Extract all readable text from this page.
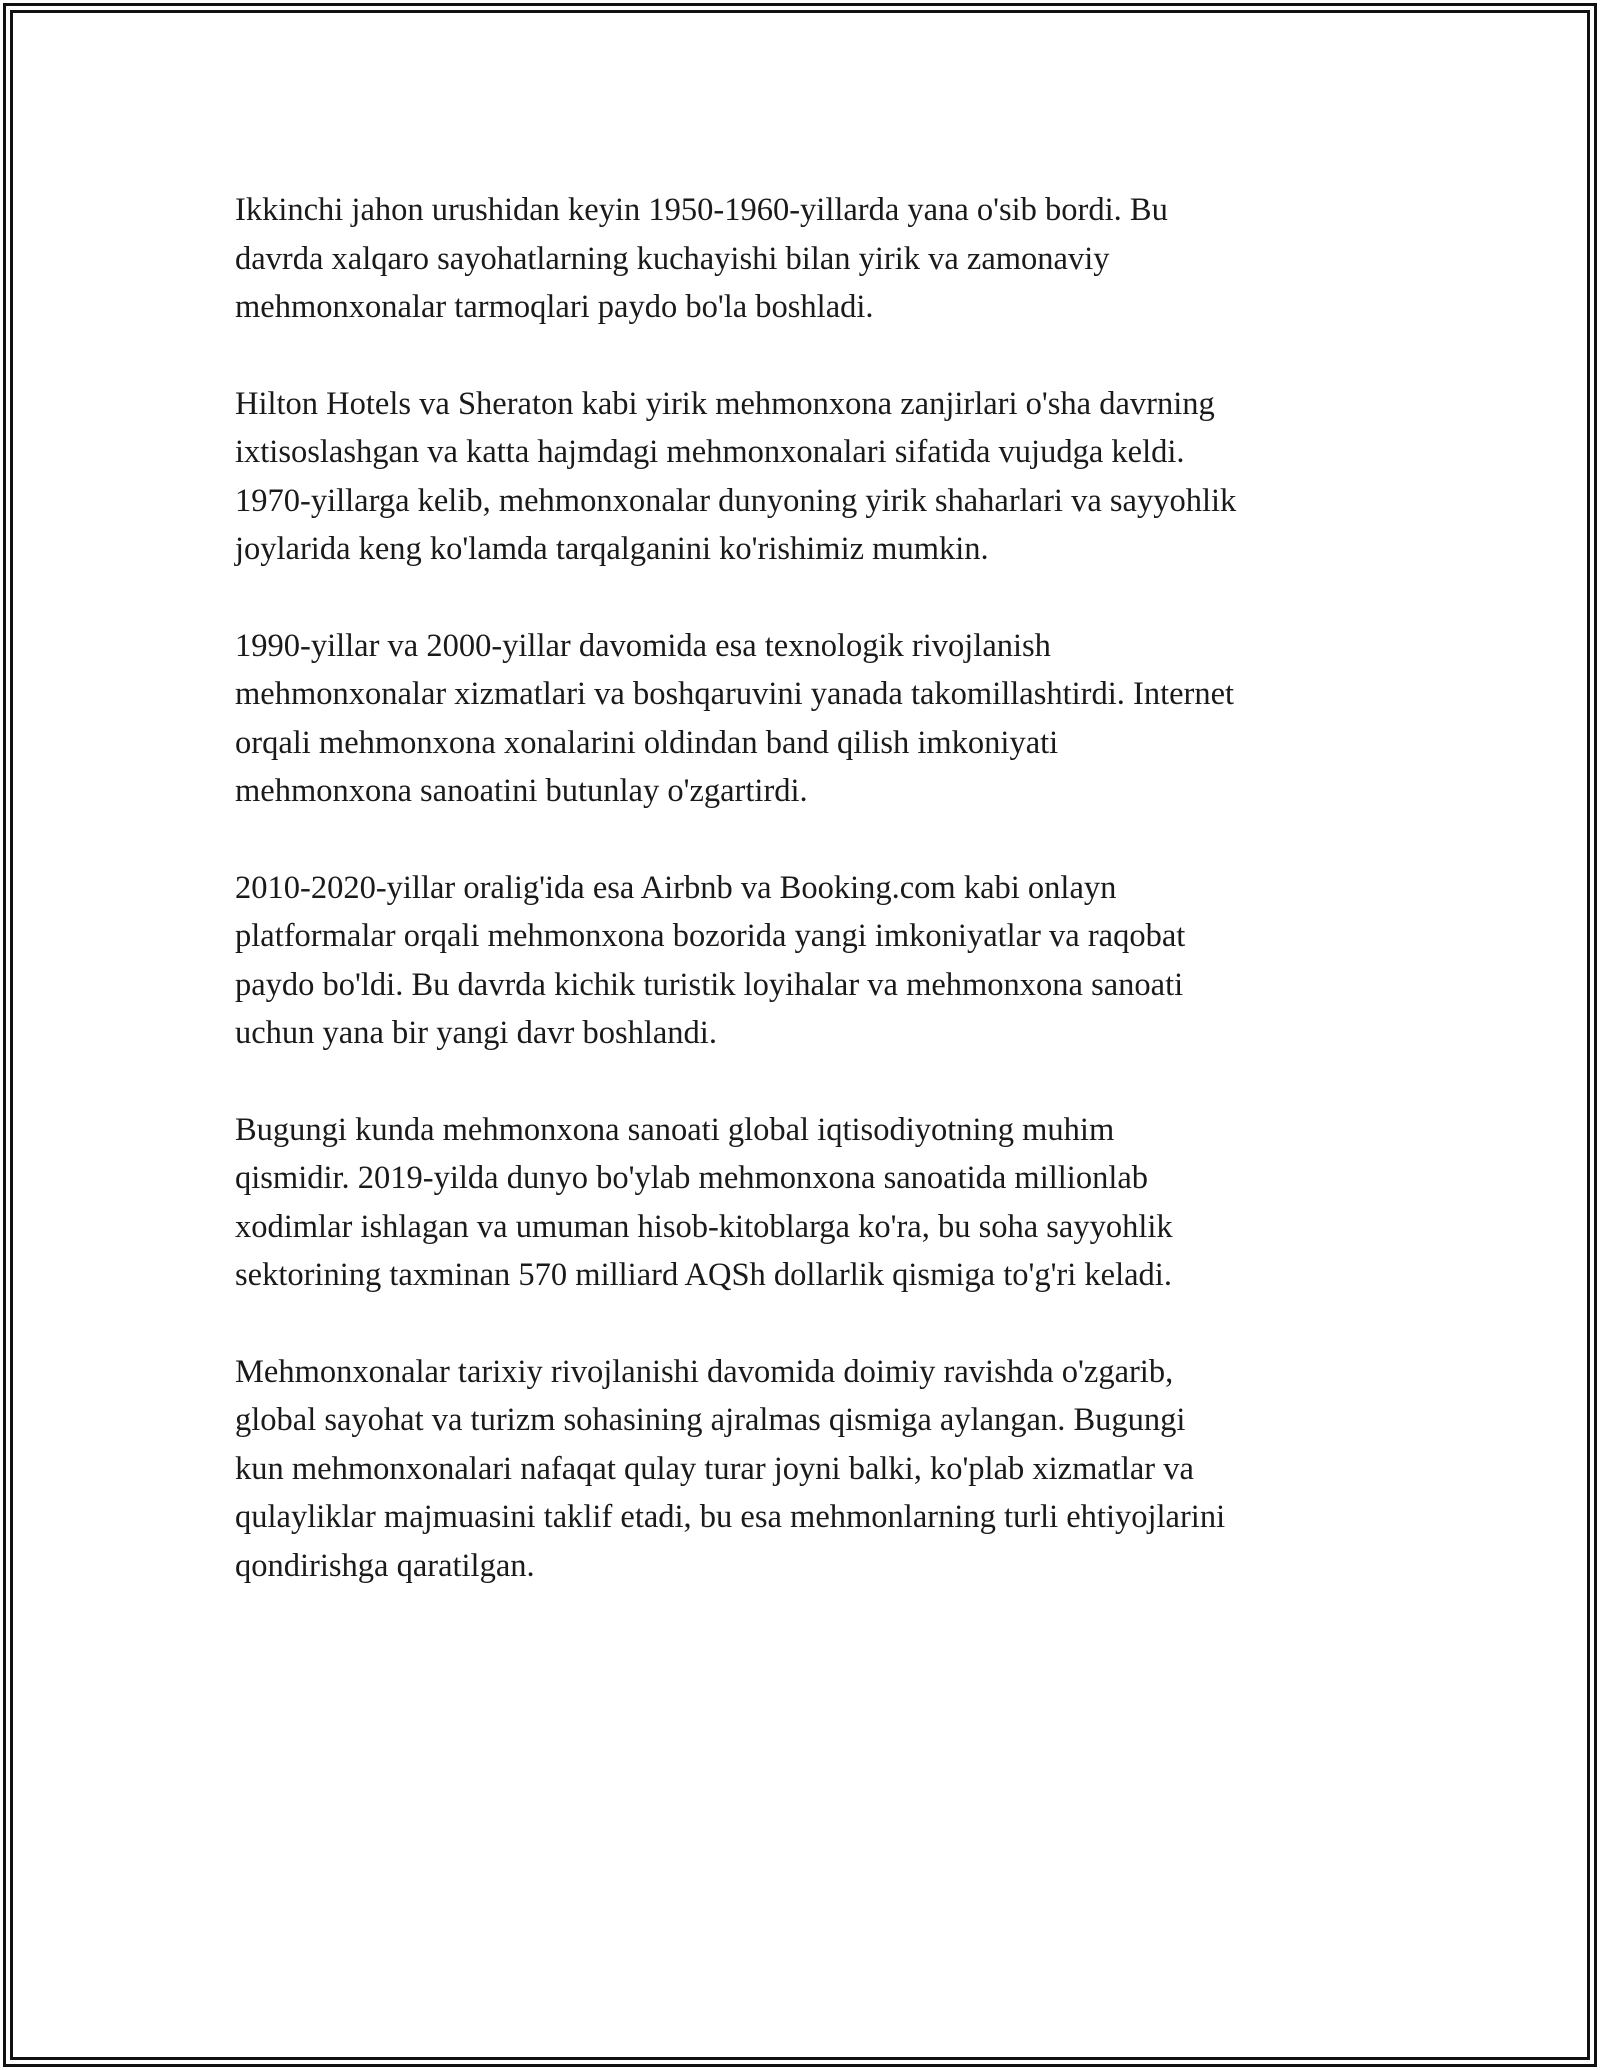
Ikkinchi jahon urushidan keyin 1950-1960-yillarda yana o'sib bordi. Bu
davrda xalqaro sayohatlarning kuchayishi bilan yirik va zamonaviy
mehmonxonalar tarmoqlari paydo bo'la boshladi.

Hilton Hotels va Sheraton kabi yirik mehmonxona zanjirlari o'sha davrning
ixtisoslashgan va katta hajmdagi mehmonxonalari sifatida vujudga keldi.
1970-yillarga kelib, mehmonxonalar dunyoning yirik shaharlari va sayyohlik
joylarida keng ko'lamda tarqalganini ko'rishimiz mumkin.

1990-yillar va 2000-yillar davomida esa texnologik rivojlanish
mehmonxonalar xizmatlari va boshqaruvini yanada takomillashtirdi. Internet
orqali mehmonxona xonalarini oldindan band qilish imkoniyati
mehmonxona sanoatini butunlay o'zgartirdi.

2010-2020-yillar oralig'ida esa Airbnb va Booking.com kabi onlayn
platformalar orqali mehmonxona bozorida yangi imkoniyatlar va raqobat
paydo bo'ldi. Bu davrda kichik turistik loyihalar va mehmonxona sanoati
uchun yana bir yangi davr boshlandi.

Bugungi kunda mehmonxona sanoati global iqtisodiyotning muhim
qismidir. 2019-yilda dunyo bo'ylab mehmonxona sanoatida millionlab
xodimlar ishlagan va umuman hisob-kitoblarga ko'ra, bu soha sayyohlik
sektorining taxminan 570 milliard AQSh dollarlik qismiga to'g'ri keladi.

Mehmonxonalar tarixiy rivojlanishi davomida doimiy ravishda o'zgarib,
global sayohat va turizm sohasining ajralmas qismiga aylangan. Bugungi
kun mehmonxonalari nafaqat qulay turar joyni balki, ko'plab xizmatlar va
qulayliklar majmuasini taklif etadi, bu esa mehmonlarning turli ehtiyojlarini
qondirishga qaratilgan.
